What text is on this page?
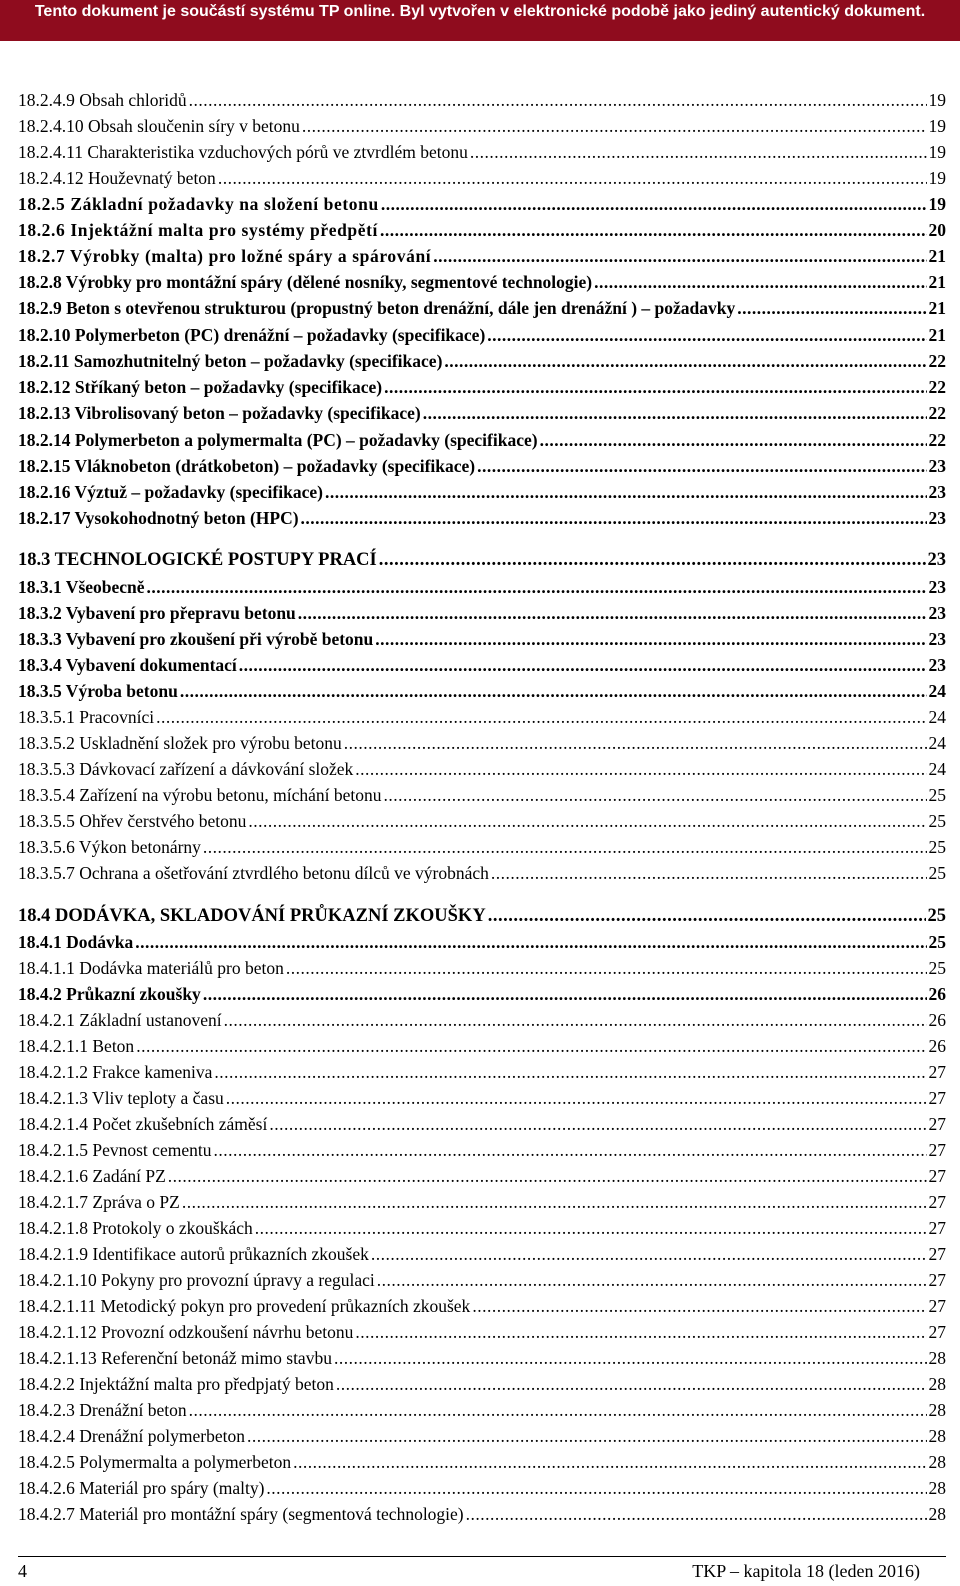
Tento dokument je součástí systému TP online. Byl vytvořen v elektronické podobě jako jediný autentický dokument.
18.2.4.9 Obsah chloridů .....	19
18.2.4.10 Obsah sloučenin síry v betonu .....	19
18.2.4.11 Charakteristika vzduchových pórů ve ztvrdlém betonu .....	19
18.2.4.12 Houževnatý beton .....	19
18.2.5 Základní požadavky na složení betonu .....	19
18.2.6 Injektážní malta pro systémy předpětí .....	20
18.2.7 Výrobky (malta) pro ložné spáry a spárování .....	21
18.2.8 Výrobky pro montážní spáry (dělené nosníky, segmentové technologie) .....	21
18.2.9 Beton s otevřenou strukturou (propustný beton drenážní, dále jen drenážní ) – požadavky .....	21
18.2.10 Polymerbeton (PC) drenážní – požadavky (specifikace) .....	21
18.2.11 Samozhutnitelný beton – požadavky (specifikace) .....	22
18.2.12 Stříkaný beton – požadavky (specifikace) .....	22
18.2.13 Vibrolisovaný beton – požadavky (specifikace) .....	22
18.2.14 Polymerbeton a polymermalta (PC) – požadavky (specifikace) .....	22
18.2.15 Vláknobeton (drátkobeton) – požadavky (specifikace) .....	23
18.2.16 Výztuž – požadavky (specifikace) .....	23
18.2.17 Vysokohodnotný beton (HPC) .....	23
18.3 TECHNOLOGICKÉ POSTUPY PRACÍ .....	23
18.3.1 Všeobecně .....	23
18.3.2 Vybavení pro přepravu betonu .....	23
18.3.3 Vybavení pro zkoušení při výrobě betonu .....	23
18.3.4 Vybavení dokumentací .....	23
18.3.5 Výroba betonu .....	24
18.3.5.1 Pracovníci .....	24
18.3.5.2 Uskladnění složek pro výrobu betonu .....	24
18.3.5.3 Dávkovací zařízení a dávkování složek .....	24
18.3.5.4 Zařízení na výrobu betonu, míchání betonu .....	25
18.3.5.5 Ohřev čerstvého betonu .....	25
18.3.5.6 Výkon betonárny .....	25
18.3.5.7 Ochrana a ošetřování ztvrdlého betonu dílců ve výrobnách .....	25
18.4 DODÁVKA, SKLADOVÁNÍ PRŮKAZNÍ ZKOUŠKY .....	25
18.4.1 Dodávka .....	25
18.4.1.1 Dodávka materiálů pro beton .....	25
18.4.2 Průkazní zkoušky .....	26
18.4.2.1 Základní ustanovení .....	26
18.4.2.1.1 Beton .....	26
18.4.2.1.2 Frakce kameniva .....	27
18.4.2.1.3 Vliv teploty a času .....	27
18.4.2.1.4 Počet zkušebních záměsí .....	27
18.4.2.1.5 Pevnost cementu .....	27
18.4.2.1.6 Zadání PZ .....	27
18.4.2.1.7 Zpráva o PZ .....	27
18.4.2.1.8 Protokoly o zkouškách .....	27
18.4.2.1.9 Identifikace autorů průkazních zkoušek .....	27
18.4.2.1.10 Pokyny pro provozní úpravy a regulaci .....	27
18.4.2.1.11 Metodický pokyn pro provedení průkazních zkoušek .....	27
18.4.2.1.12 Provozní odzkoušení návrhu betonu .....	27
18.4.2.1.13 Referenční betonáž mimo stavbu .....	28
18.4.2.2 Injektážní malta pro předpjatý beton .....	28
18.4.2.3 Drenážní beton .....	28
18.4.2.4 Drenážní polymerbeton .....	28
18.4.2.5 Polymermalta a polymerbeton .....	28
18.4.2.6 Materiál pro spáry (malty) .....	28
18.4.2.7 Materiál pro montážní spáry (segmentová technologie) .....	28
4	TKP – kapitola 18 (leden 2016)
